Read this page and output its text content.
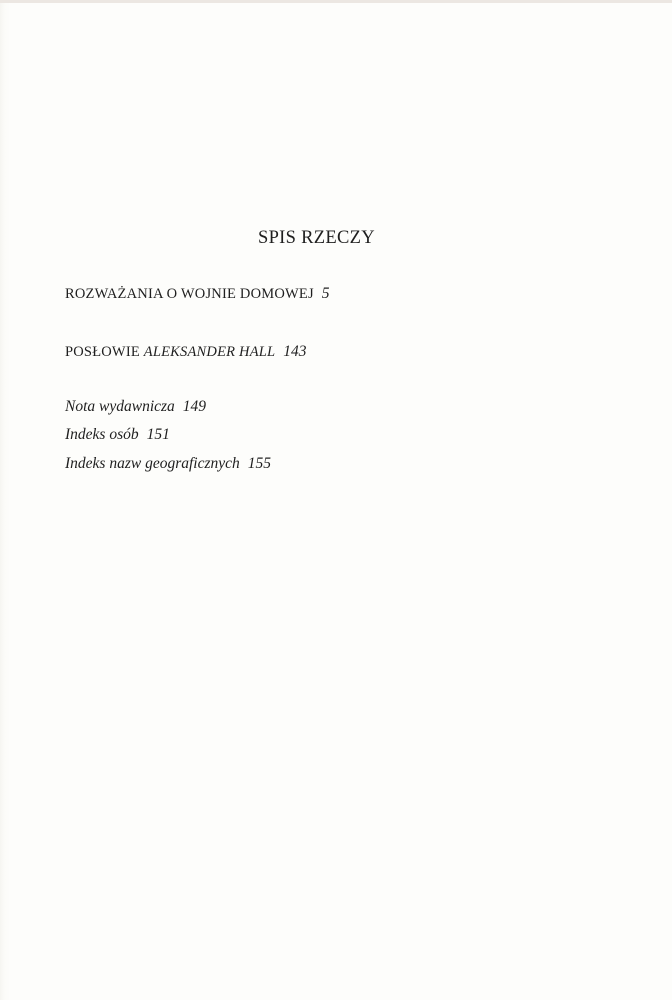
SPIS RZECZY
ROZWAŻANIA O WOJNIE DOMOWEJ 5
POSŁOWIE ALEKSANDER HALL 143
Nota wydawnicza 149
Indeks osób 151
Indeks nazw geograficznych 155
